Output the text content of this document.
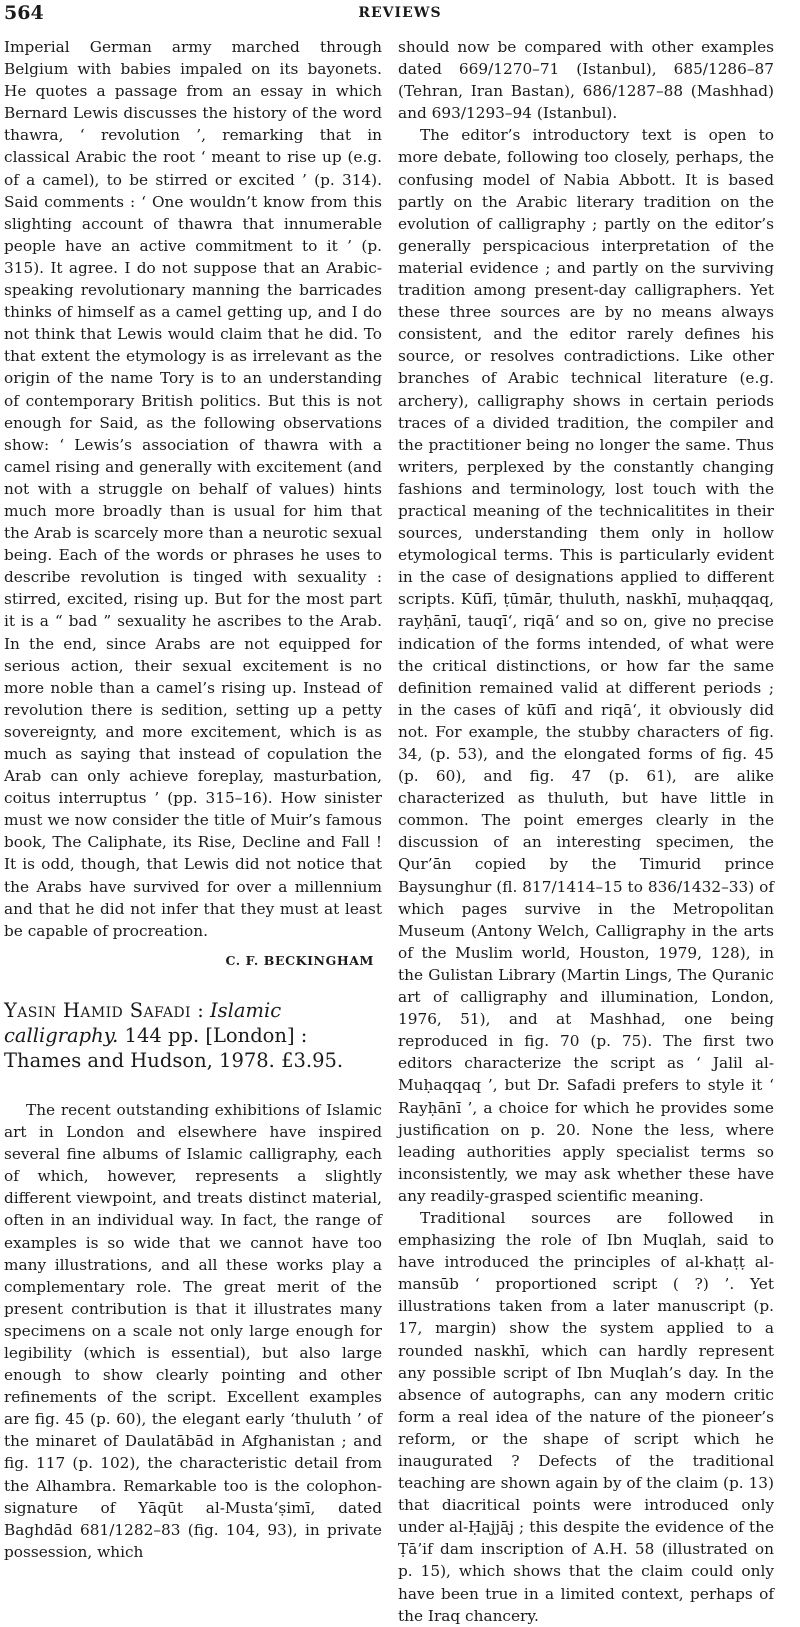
564	REVIEWS

Imperial German army marched through Belgium with babies impaled on its bayonets. He quotes a passage from an essay in which Bernard Lewis discusses the history of the word thawra, ‘ revolution ’, remarking that in classical Arabic the root ‘ meant to rise up (e.g. of a camel), to be stirred or excited ’ (p. 314). Said comments : ‘ One wouldn’t know from this slighting account of thawra that innumerable people have an active commitment to it ’ (p. 315). It agree. I do not suppose that an Arabic-speaking revolutionary manning the barricades thinks of himself as a camel getting up, and I do not think that Lewis would claim that he did. To that extent the etymology is as irrelevant as the origin of the name Tory is to an understanding of contemporary British politics. But this is not enough for Said, as the following observations show: ‘ Lewis’s association of thawra with a camel rising and generally with excitement (and not with a struggle on behalf of values) hints much more broadly than is usual for him that the Arab is scarcely more than a neurotic sexual being. Each of the words or phrases he uses to describe revolution is tinged with sexuality : stirred, excited, rising up. But for the most part it is a “ bad ” sexuality he ascribes to the Arab. In the end, since Arabs are not equipped for serious action, their sexual excitement is no more noble than a camel’s rising up. Instead of revolution there is sedition, setting up a petty sovereignty, and more excitement, which is as much as saying that instead of copulation the Arab can only achieve foreplay, masturbation, coitus interruptus ’ (pp. 315–16). How sinister must we now consider the title of Muir’s famous book, The Caliphate, its Rise, Decline and Fall ! It is odd, though, that Lewis did not notice that the Arabs have survived for over a millennium and that he did not infer that they must at least be capable of procreation.

C. F. BECKINGHAM
Yasin Hamid Safadi : Islamic calligraphy. 144 pp. [London] : Thames and Hudson, 1978. £3.95.

The recent outstanding exhibitions of Islamic art in London and elsewhere have inspired several fine albums of Islamic calligraphy, each of which, however, represents a slightly different viewpoint, and treats distinct material, often in an individual way. In fact, the range of examples is so wide that we cannot have too many illustrations, and all these works play a complementary role. The great merit of the present contribution is that it illustrates many specimens on a scale not only large enough for legibility (which is essential), but also large enough to show clearly pointing and other refinements of the script. Excellent examples are fig. 45 (p. 60), the elegant early ‘thuluth ’ of the minaret of Daulatābād in Afghanistan ; and fig. 117 (p. 102), the characteristic detail from the Alhambra. Remarkable too is the colophon-signature of Yāqūt al-Musta‘ṣimī, dated Baghdād 681/1282–83 (fig. 104, 93), in private possession, which

should now be compared with other examples dated 669/1270–71 (Istanbul), 685/1286–87 (Tehran, Iran Bastan), 686/1287–88 (Mashhad) and 693/1293–94 (Istanbul).

The editor’s introductory text is open to more debate, following too closely, perhaps, the confusing model of Nabia Abbott. It is based partly on the Arabic literary tradition on the evolution of calligraphy ; partly on the editor’s generally perspicacious interpretation of the material evidence ; and partly on the surviving tradition among present-day calligraphers. Yet these three sources are by no means always consistent, and the editor rarely defines his source, or resolves contradictions. Like other branches of Arabic technical literature (e.g. archery), calligraphy shows in certain periods traces of a divided tradition, the compiler and the practitioner being no longer the same. Thus writers, perplexed by the constantly changing fashions and terminology, lost touch with the practical meaning of the technicalitites in their sources, understanding them only in hollow etymological terms. This is particularly evident in the case of designations applied to different scripts. Kūfī, ṭūmār, thuluth, naskhī, muḥaqqaq, rayḥānī, tauqī‘, riqā‘ and so on, give no precise indication of the forms intended, of what were the critical distinctions, or how far the same definition remained valid at different periods ; in the cases of kūfī and riqā‘, it obviously did not. For example, the stubby characters of fig. 34, (p. 53), and the elongated forms of fig. 45 (p. 60), and fig. 47 (p. 61), are alike characterized as thuluth, but have little in common. The point emerges clearly in the discussion of an interesting specimen, the Qur’ān copied by the Timurid prince Baysunghur (fl. 817/1414–15 to 836/1432–33) of which pages survive in the Metropolitan Museum (Antony Welch, Calligraphy in the arts of the Muslim world, Houston, 1979, 128), in the Gulistan Library (Martin Lings, The Quranic art of calligraphy and illumination, London, 1976, 51), and at Mashhad, one being reproduced in fig. 70 (p. 75). The first two editors characterize the script as ‘ Jalil al-Muḥaqqaq ’, but Dr. Safadi prefers to style it ‘ Rayḥānī ’, a choice for which he provides some justification on p. 20. None the less, where leading authorities apply specialist terms so inconsistently, we may ask whether these have any readily-grasped scientific meaning.

Traditional sources are followed in emphasizing the role of Ibn Muqlah, said to have introduced the principles of al-khaṭṭ al-mansūb ‘ proportioned script ( ?) ’. Yet illustrations taken from a later manuscript (p. 17, margin) show the system applied to a rounded naskhī, which can hardly represent any possible script of Ibn Muqlah’s day. In the absence of autographs, can any modern critic form a real idea of the nature of the pioneer’s reform, or the shape of script which he inaugurated ? Defects of the traditional teaching are shown again by of the claim (p. 13) that diacritical points were introduced only under al-Ḥajjāj ; this despite the evidence of the Ṭā’if dam inscription of A.H. 58 (illustrated on p. 15), which shows that the claim could only have been true in a limited context, perhaps of the Iraq chancery.
